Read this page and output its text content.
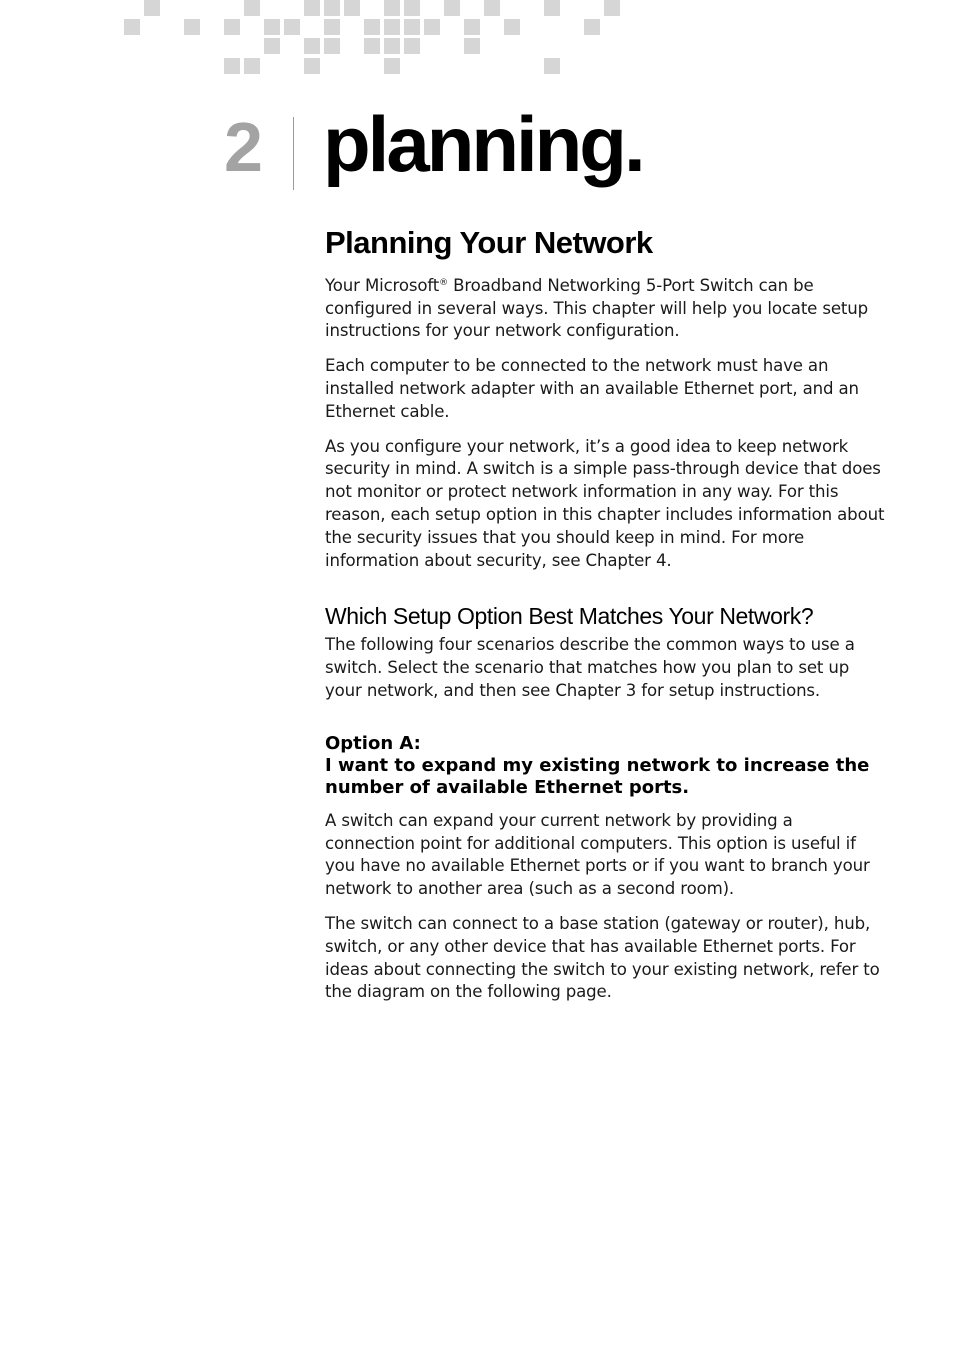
2 planning.
Planning Your Network

Your Microsoft® Broadband Networking 5-Port Switch can be configured in several ways. This chapter will help you locate setup instructions for your network configuration.

Each computer to be connected to the network must have an installed network adapter with an available Ethernet port, and an Ethernet cable.

As you configure your network, it’s a good idea to keep network security in mind. A switch is a simple pass-through device that does not monitor or protect network information in any way. For this reason, each setup option in this chapter includes information about the security issues that you should keep in mind. For more information about security, see Chapter 4.

Which Setup Option Best Matches Your Network?

The following four scenarios describe the common ways to use a switch. Select the scenario that matches how you plan to set up your network, and then see Chapter 3 for setup instructions.

Option A:
I want to expand my existing network to increase the number of available Ethernet ports.

A switch can expand your current network by providing a connection point for additional computers. This option is useful if you have no available Ethernet ports or if you want to branch your network to another area (such as a second room).

The switch can connect to a base station (gateway or router), hub, switch, or any other device that has available Ethernet ports. For ideas about connecting the switch to your existing network, refer to the diagram on the following page.
